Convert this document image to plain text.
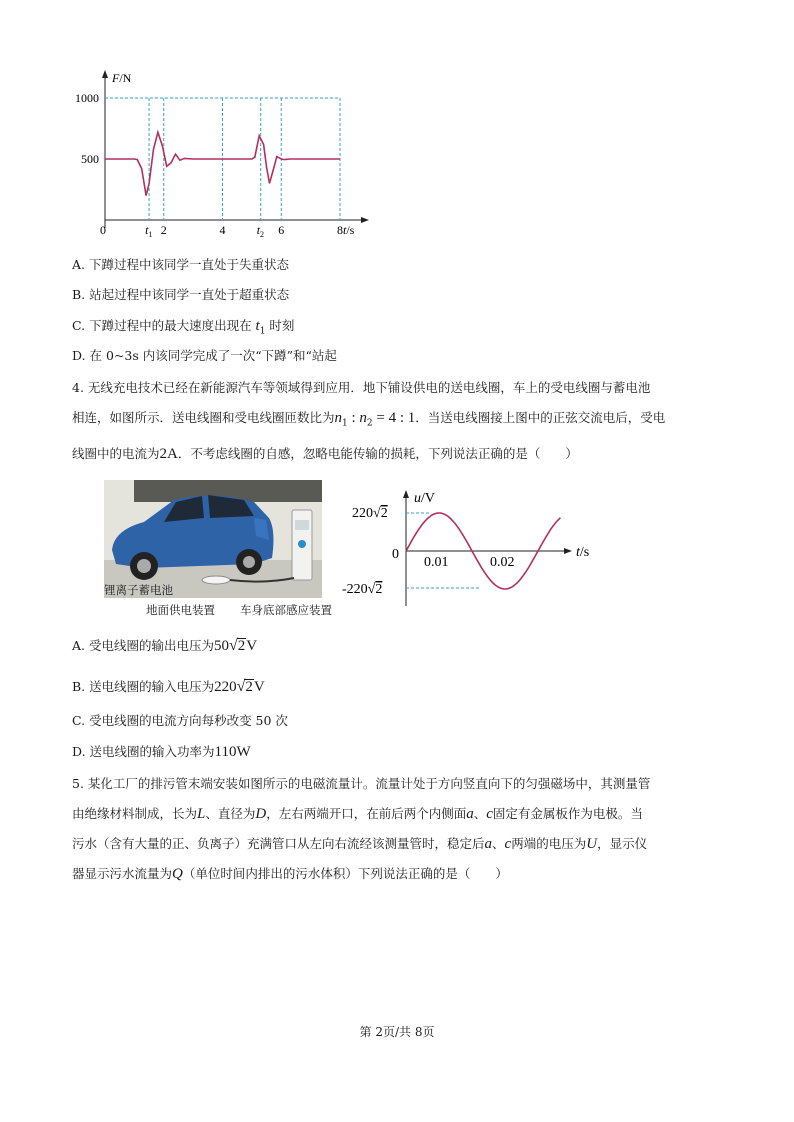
F/N
t/s
500
1000
0	2	4	6	8
$t_1$	$t_2$
A. 下蹲过程中该同学一直处于失重状态
B. 站起过程中该同学一直处于超重状态
C. 下蹲过程中的最大速度出现在 $t_1$ 时刻
D. 在 0~3s 内该同学完成了一次“下蹲”和“站起
4. 无线充电技术已经在新能源汽车等领域得到应用．地下铺设供电的送电线圈，车上的受电线圈与蓄电池
相连，如图所示．送电线圈和受电线圈匝数比为$n_1$ : $n_2 = 4$ : 1．当送电线圈接上图中的正弦交流电后，受电
线圈中的电流为2A．不考虑线圈的自感，忽略电能传输的损耗，下列说法正确的是（　　）
锂离子蓄电池
地面供电装置 车身底部感应装置
u/V
t/s
220√2
0
-220√2
0.01	0.02
A. 受电线圈的输出电压为50√2V
B. 送电线圈的输入电压为220√2V
C. 受电线圈的电流方向每秒改变 50 次
D. 送电线圈的输入功率为110W
5. 某化工厂的排污管末端安装如图所示的电磁流量计。流量计处于方向竖直向下的匀强磁场中，其测量管
由绝缘材料制成，长为L、直径为D，左右两端开口，在前后两个内侧面a、c固定有金属板作为电极。当
污水（含有大量的正、负离子）充满管口从左向右流经该测量管时，稳定后a、c两端的电压为U，显示仪
器显示污水流量为Q（单位时间内排出的污水体积）下列说法正确的是（　　）
第 2页/共 8页
